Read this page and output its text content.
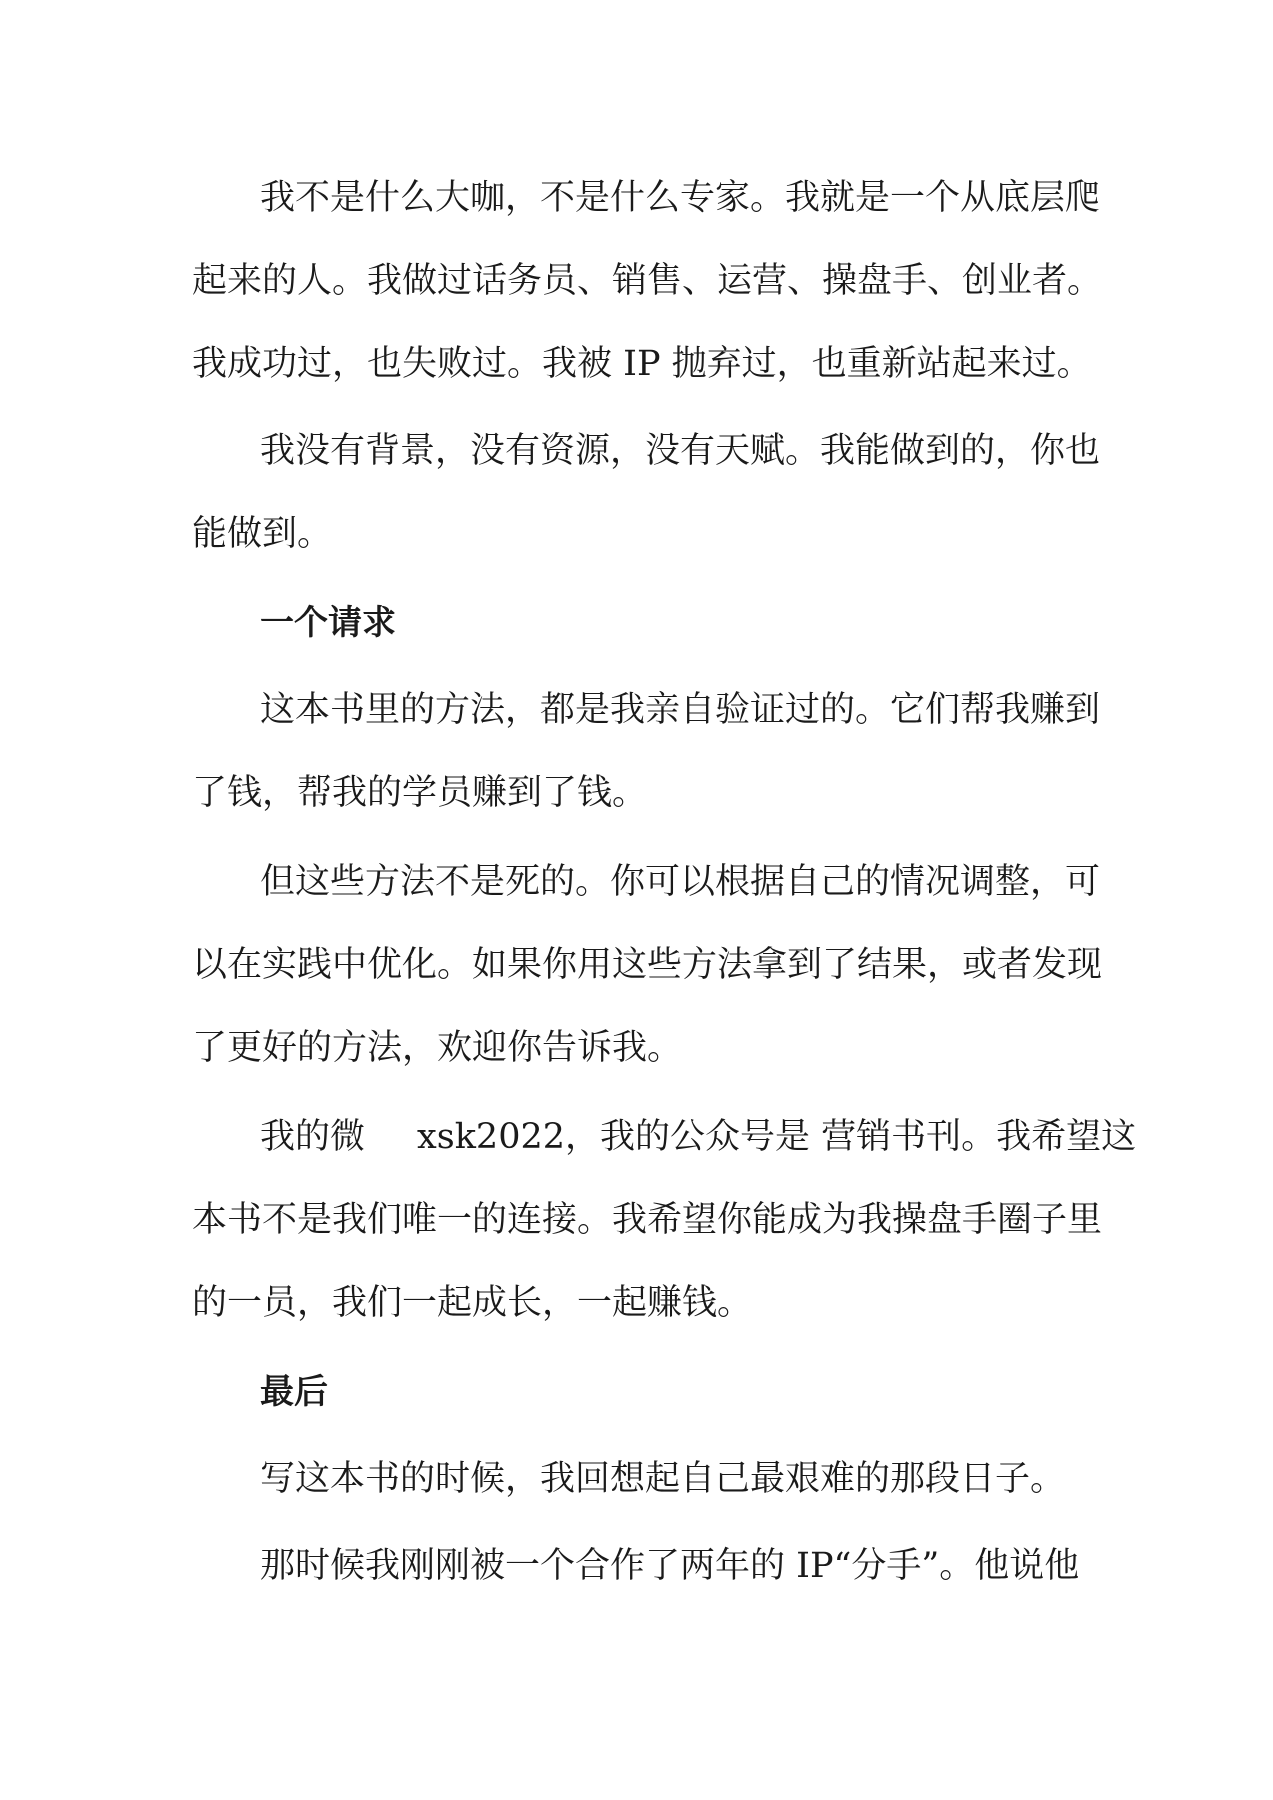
我不是什么大咖，不是什么专家。我就是一个从底层爬
起来的人。我做过话务员、销售、运营、操盘手、创业者。
我成功过，也失败过。我被 IP 抛弃过，也重新站起来过。
我没有背景，没有资源，没有天赋。我能做到的，你也
能做到。
一个请求
这本书里的方法，都是我亲自验证过的。它们帮我赚到
了钱，帮我的学员赚到了钱。
但这些方法不是死的。你可以根据自己的情况调整，可
以在实践中优化。如果你用这些方法拿到了结果，或者发现
了更好的方法，欢迎你告诉我。
我的微 xsk2022，我的公众号是 营销书刊。我希望这
本书不是我们唯一的连接。我希望你能成为我操盘手圈子里
的一员，我们一起成长，一起赚钱。
最后
写这本书的时候，我回想起自己最艰难的那段日子。
那时候我刚刚被一个合作了两年的 IP“分手”。他说他
